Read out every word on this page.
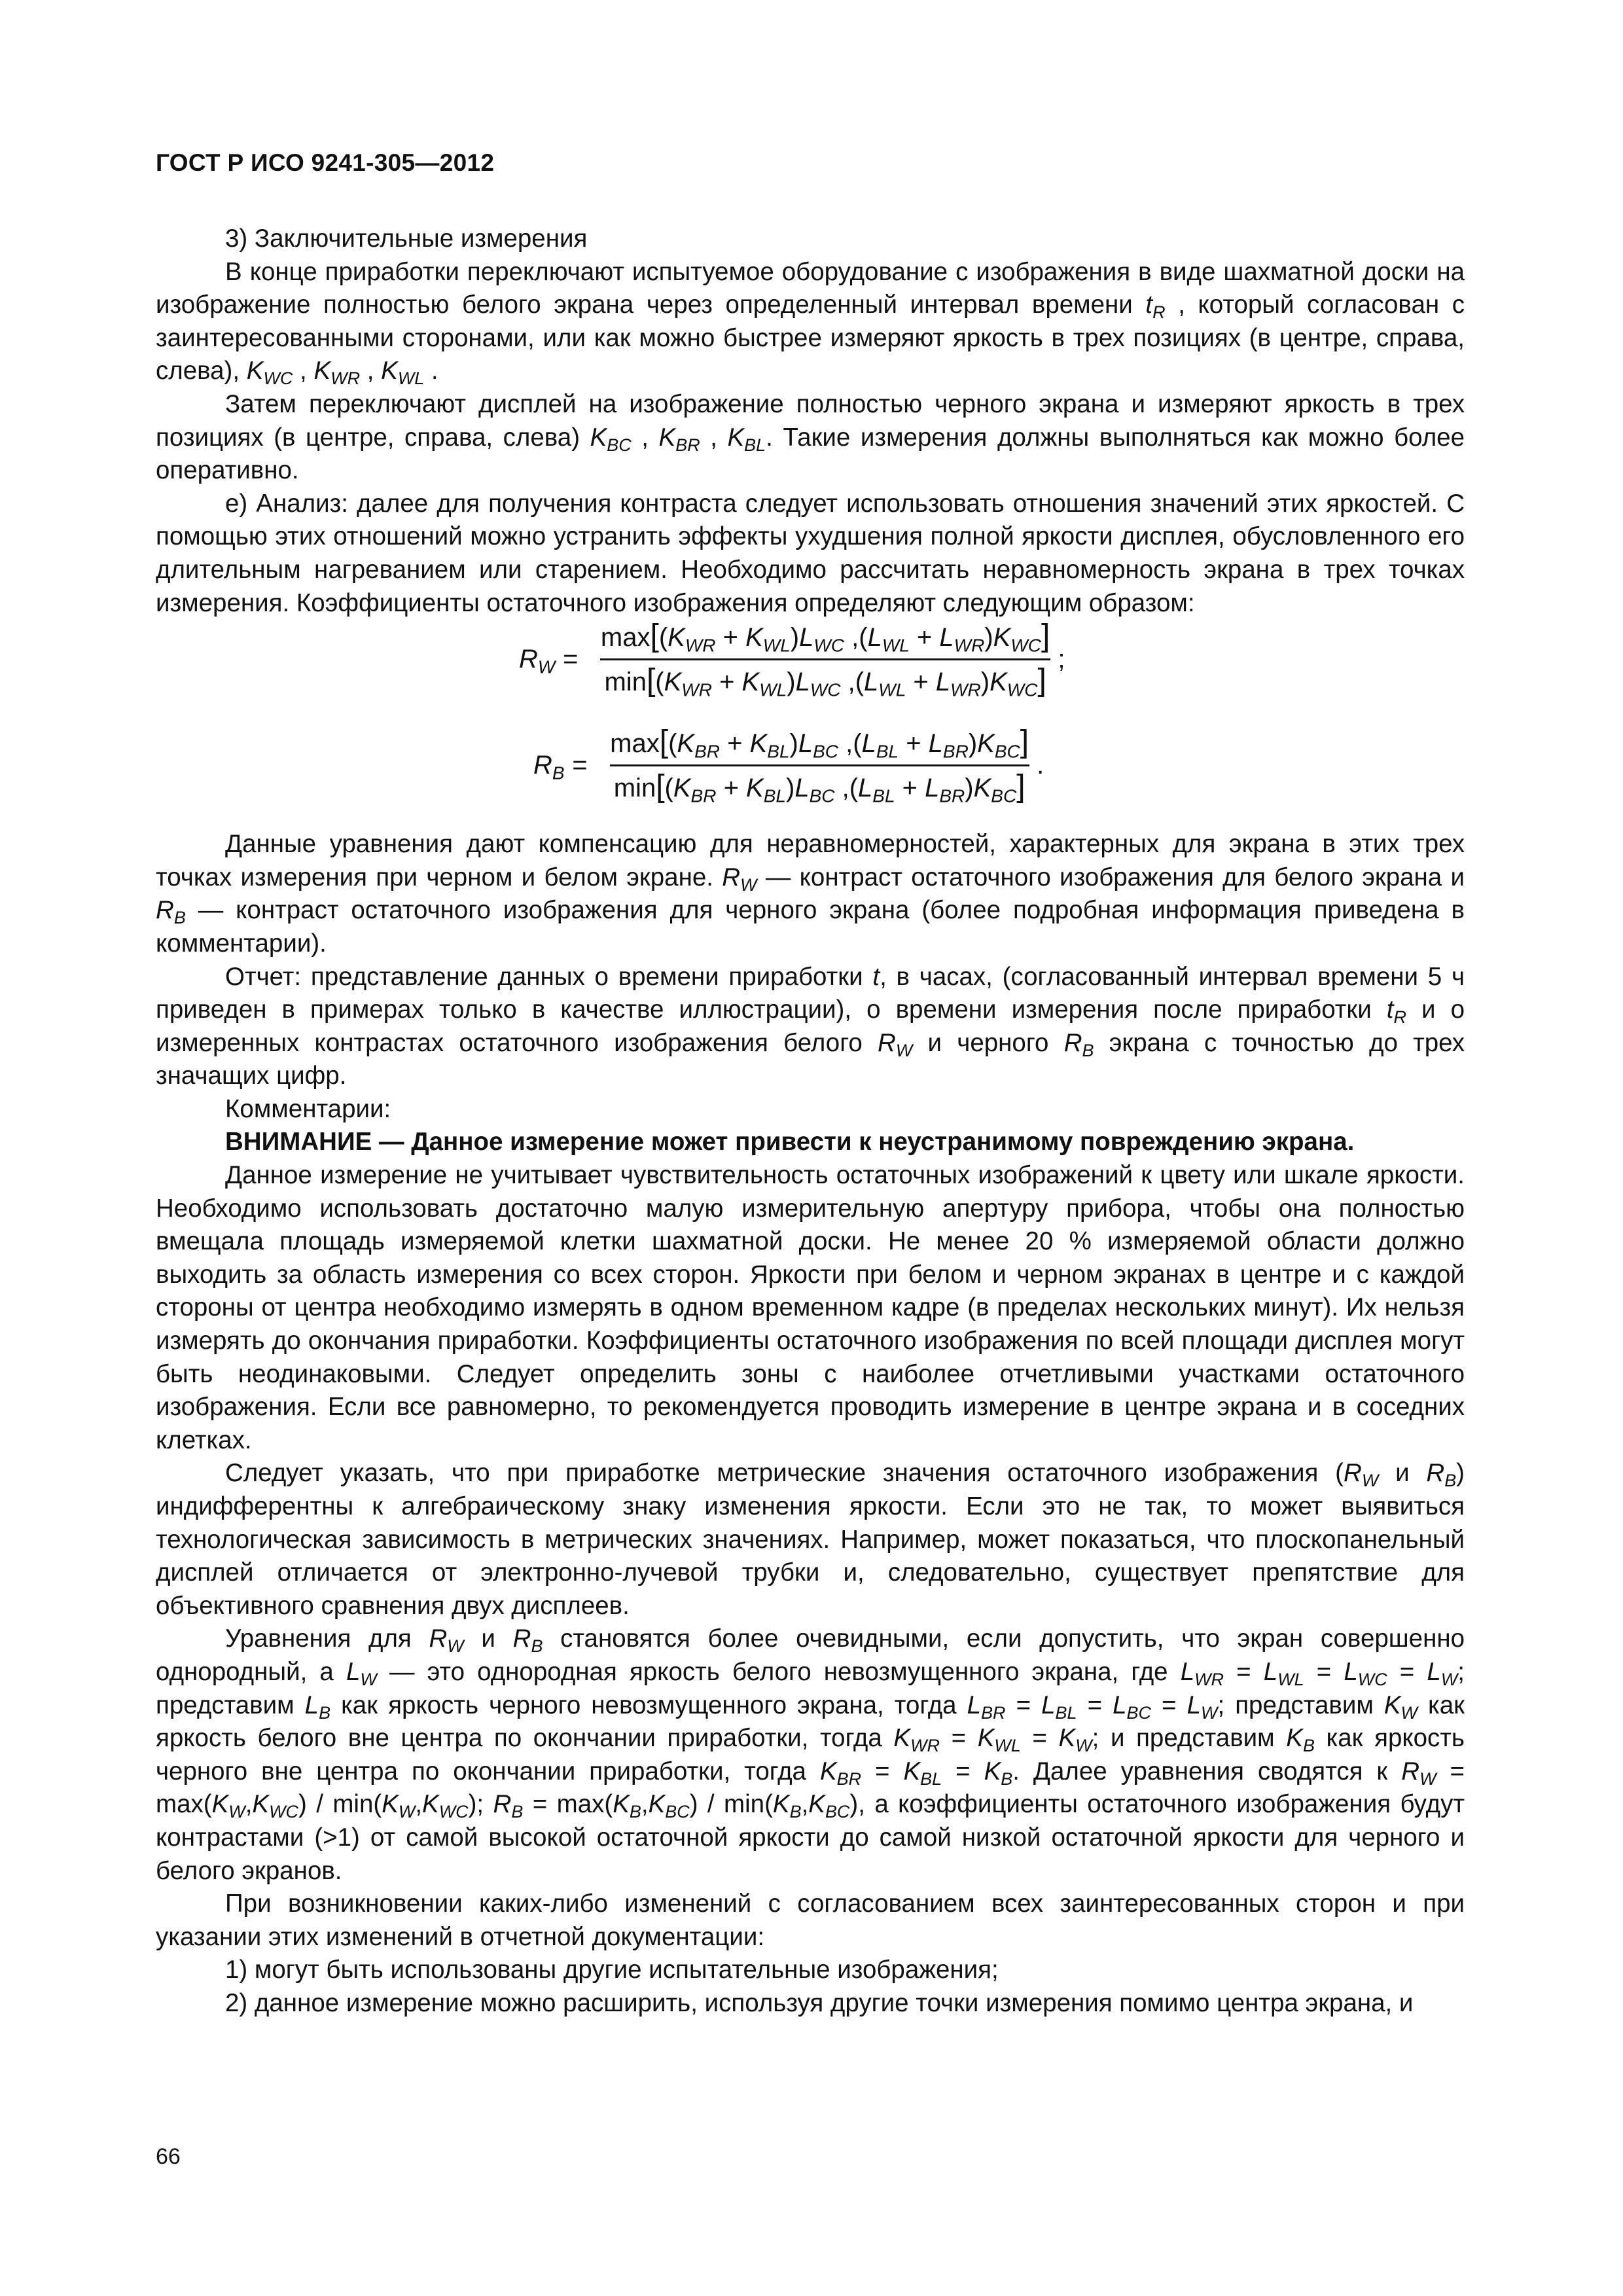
ГОСТ Р ИСО 9241-305—2012

3) Заключительные измерения

В конце приработки переключают испытуемое оборудование с изображения в виде шахматной доски на изображение полностью белого экрана через определенный интервал времени $t_R$ , который согласован с заинтересованными сторонами, или как можно быстрее измеряют яркость в трех позициях (в центре, справа, слева), $K_{WC}$ , $K_{WR}$ , $K_{WL}$ .

Затем переключают дисплей на изображение полностью черного экрана и измеряют яркость в трех позициях (в центре, справа, слева) $K_{BC}$ , $K_{BR}$ , $K_{BL}$. Такие измерения должны выполняться как можно более оперативно.

e) Анализ: далее для получения контраста следует использовать отношения значений этих яркостей. С помощью этих отношений можно устранить эффекты ухудшения полной яркости дисплея, обусловленного его длительным нагреванием или старением. Необходимо рассчитать неравномерность экрана в трех точках измерения. Коэффициенты остаточного изображения определяют следующим образом:

$R_W = \frac{\max[(K_{WR} + K_{WL})L_{WC} ,(L_{WL} + L_{WR})K_{WC}]}{\min[(K_{WR} + K_{WL})L_{WC} ,(L_{WL} + L_{WR})K_{WC}]}$ ;
$R_B = \frac{\max[(K_{BR} + K_{BL})L_{BC} ,(L_{BL} + L_{BR})K_{BC}]}{\min[(K_{BR} + K_{BL})L_{BC} ,(L_{BL} + L_{BR})K_{BC}]}$ .

Данные уравнения дают компенсацию для неравномерностей, характерных для экрана в этих трех точках измерения при черном и белом экране. $R_W$ — контраст остаточного изображения для белого экрана и $R_B$ — контраст остаточного изображения для черного экрана (более подробная информация приведена в комментарии).

Отчет: представление данных о времени приработки t, в часах, (согласованный интервал времени 5 ч приведен в примерах только в качестве иллюстрации), о времени измерения после приработки $t_R$ и о измеренных контрастах остаточного изображения белого $R_W$ и черного $R_B$ экрана с точностью до трех значащих цифр.

Комментарии:

ВНИМАНИЕ — Данное измерение может привести к неустранимому повреждению экрана.

Данное измерение не учитывает чувствительность остаточных изображений к цвету или шкале яркости. Необходимо использовать достаточно малую измерительную апертуру прибора, чтобы она полностью вмещала площадь измеряемой клетки шахматной доски. Не менее 20 % измеряемой области должно выходить за область измерения со всех сторон. Яркости при белом и черном экранах в центре и с каждой стороны от центра необходимо измерять в одном временном кадре (в пределах нескольких минут). Их нельзя измерять до окончания приработки. Коэффициенты остаточного изображения по всей площади дисплея могут быть неодинаковыми. Следует определить зоны с наиболее отчетливыми участками остаточного изображения. Если все равномерно, то рекомендуется проводить измерение в центре экрана и в соседних клетках.

Следует указать, что при приработке метрические значения остаточного изображения ($R_W$ и $R_B$) индифферентны к алгебраическому знаку изменения яркости. Если это не так, то может выявиться технологическая зависимость в метрических значениях. Например, может показаться, что плоскопанельный дисплей отличается от электронно-лучевой трубки и, следовательно, существует препятствие для объективного сравнения двух дисплеев.

Уравнения для $R_W$ и $R_B$ становятся более очевидными, если допустить, что экран совершенно однородный, а $L_W$ — это однородная яркость белого невозмущенного экрана, где $L_{WR} = L_{WL} = L_{WC} = L_W$; представим $L_B$ как яркость черного невозмущенного экрана, тогда $L_{BR} = L_{BL} = L_{BC} = L_W$; представим $K_W$ как яркость белого вне центра по окончании приработки, тогда $K_{WR} = K_{WL} = K_W$; и представим $K_B$ как яркость черного вне центра по окончании приработки, тогда $K_{BR} = K_{BL} = K_B$. Далее уравнения сводятся к $R_W = \max(K_W,K_{WC}) / \min(K_W,K_{WC})$; $R_B = \max(K_B,K_{BC}) / \min(K_B,K_{BC})$, а коэффициенты остаточного изображения будут контрастами (>1) от самой высокой остаточной яркости до самой низкой остаточной яркости для черного и белого экранов.

При возникновении каких-либо изменений с согласованием всех заинтересованных сторон и при указании этих изменений в отчетной документации:

1) могут быть использованы другие испытательные изображения;

2) данное измерение можно расширить, используя другие точки измерения помимо центра экрана, и

66
